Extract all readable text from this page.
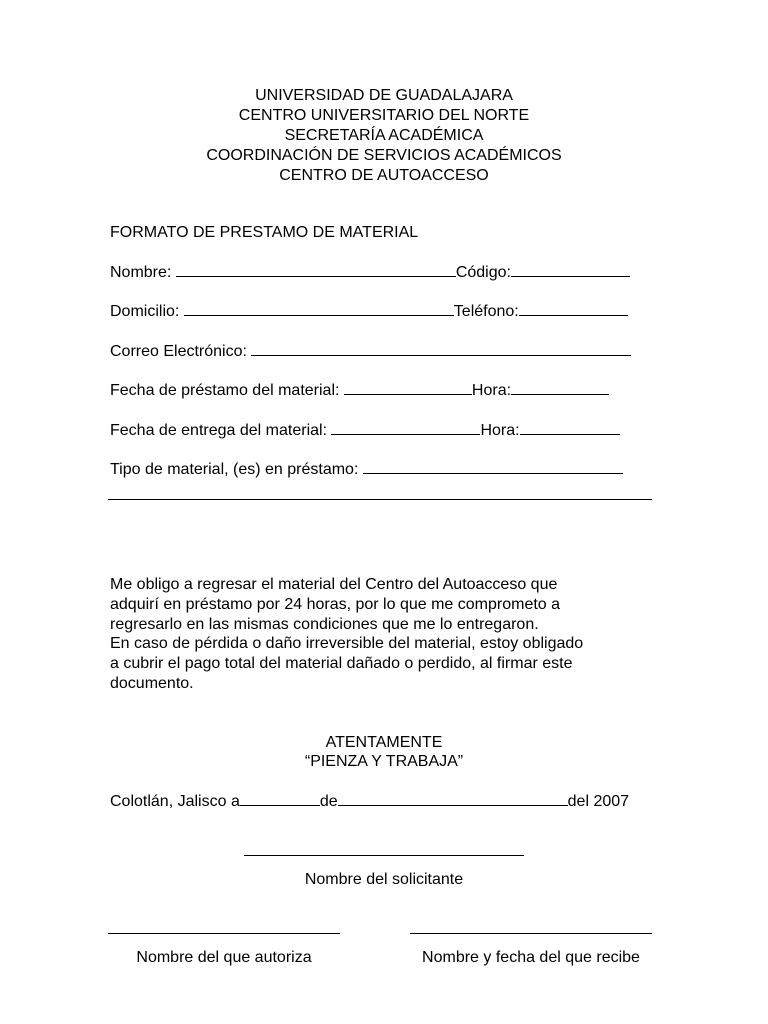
UNIVERSIDAD DE GUADALAJARA
CENTRO UNIVERSITARIO DEL NORTE
SECRETARÍA ACADÉMICA
COORDINACIÓN DE SERVICIOS ACADÉMICOS
CENTRO DE AUTOACCESO
FORMATO DE PRESTAMO DE MATERIAL
Nombre:	Código:
Domicilio:	Teléfono:
Correo Electrónico:
Fecha de préstamo del material:	Hora:
Fecha de entrega del material:	Hora:
Tipo de material, (es) en préstamo:
Me obligo a regresar el material del Centro del Autoacceso que
adquirí en préstamo por 24 horas, por lo que me comprometo a
regresarlo en las mismas condiciones que me lo entregaron.
En caso de pérdida o daño irreversible del material, estoy obligado
a cubrir el pago total del material dañado o perdido, al firmar este
documento.
ATENTAMENTE
“PIENZA Y TRABAJA”
Colotlán, Jalisco a	de	del 2007
Nombre del solicitante
Nombre del que autoriza	Nombre y fecha del que recibe
